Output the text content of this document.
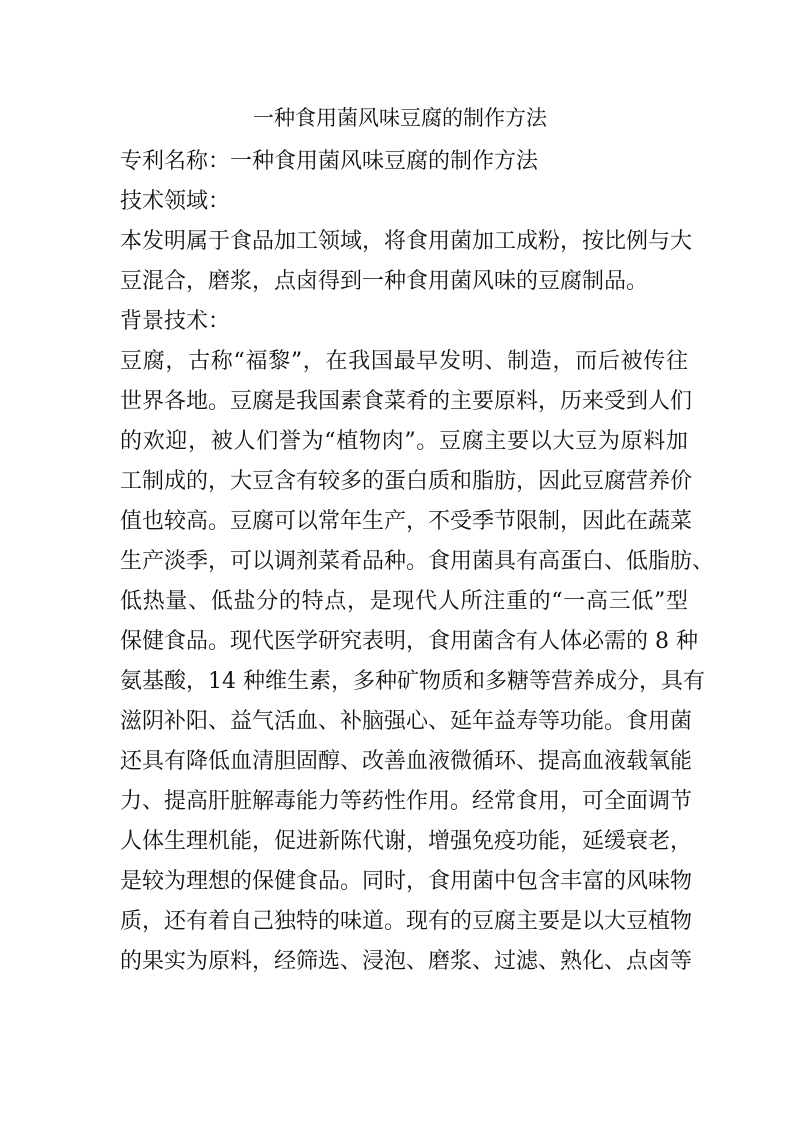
一种食用菌风味豆腐的制作方法
专利名称：一种食用菌风味豆腐的制作方法
技术领域：
本发明属于食品加工领域，将食用菌加工成粉，按比例与大
豆混合，磨浆，点卤得到一种食用菌风味的豆腐制品。
背景技术：
豆腐，古称“福黎”，在我国最早发明、制造，而后被传往
世界各地。豆腐是我国素食菜肴的主要原料，历来受到人们
的欢迎，被人们誉为“植物肉”。豆腐主要以大豆为原料加
工制成的，大豆含有较多的蛋白质和脂肪，因此豆腐营养价
值也较高。豆腐可以常年生产，不受季节限制，因此在蔬菜
生产淡季，可以调剂菜肴品种。食用菌具有高蛋白、低脂肪、
低热量、低盐分的特点，是现代人所注重的“一高三低”型
保健食品。现代医学研究表明，食用菌含有人体必需的 8 种
氨基酸，14 种维生素，多种矿物质和多糖等营养成分，具有
滋阴补阳、益气活血、补脑强心、延年益寿等功能。食用菌
还具有降低血清胆固醇、改善血液微循环、提高血液载氧能
力、提高肝脏解毒能力等药性作用。经常食用，可全面调节
人体生理机能，促进新陈代谢，增强免疫功能，延缓衰老，
是较为理想的保健食品。同时，食用菌中包含丰富的风味物
质，还有着自己独特的味道。现有的豆腐主要是以大豆植物
的果实为原料，经筛选、浸泡、磨浆、过滤、熟化、点卤等
